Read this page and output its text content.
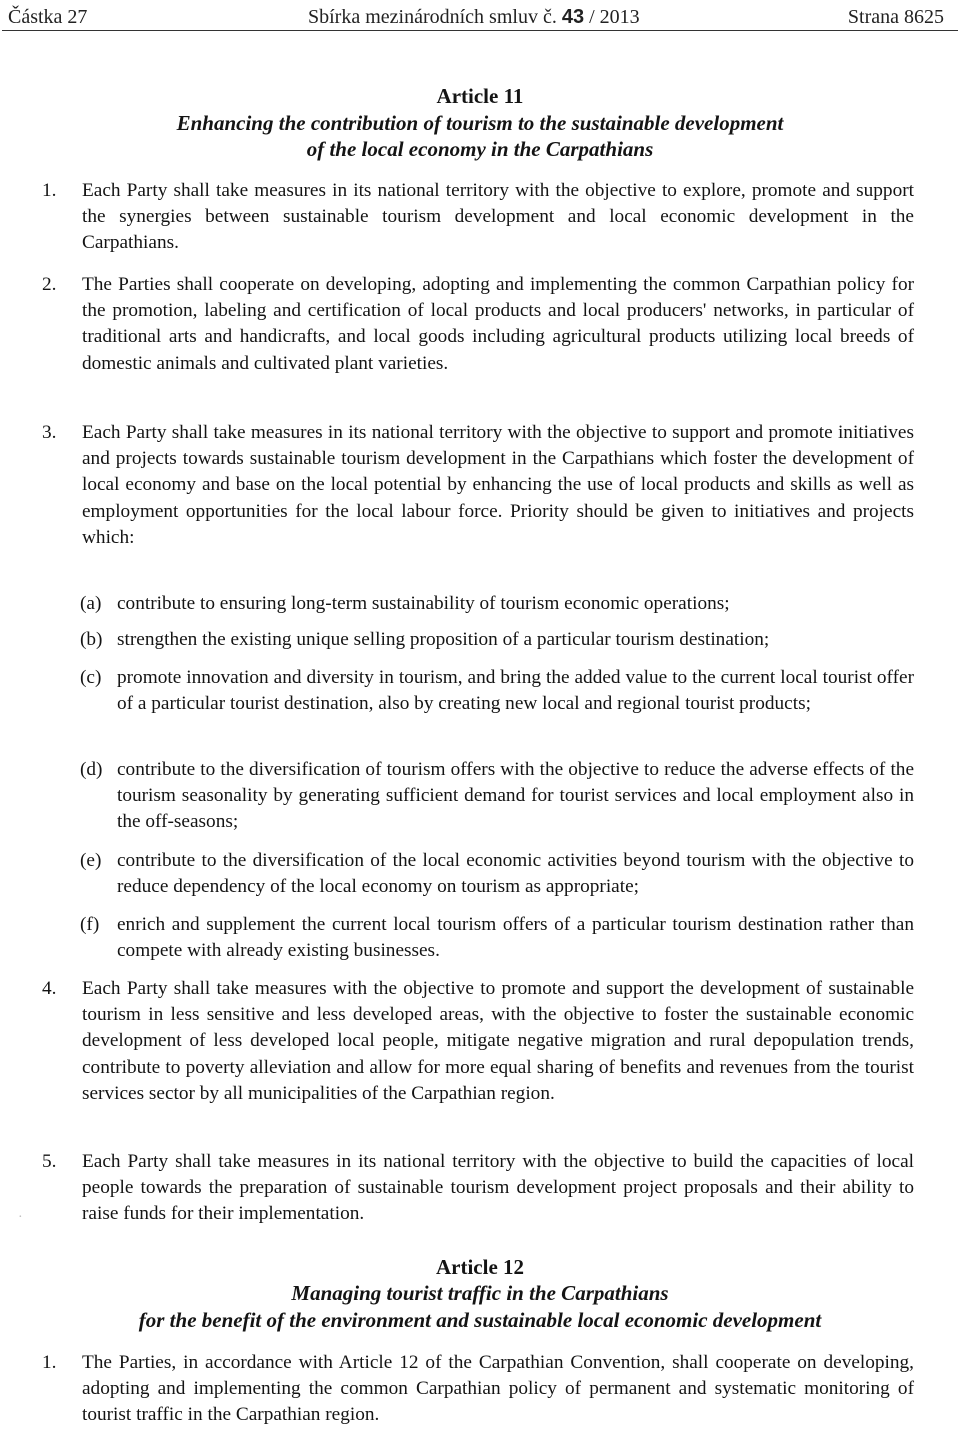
Částka 27	Sbírka mezinárodních smluv č. 43 / 2013	Strana 8625
Article 11
Enhancing the contribution of tourism to the sustainable development
of the local economy in the Carpathians
1. Each Party shall take measures in its national territory with the objective to explore, promote and support the synergies between sustainable tourism development and local economic development in the Carpathians.
2. The Parties shall cooperate on developing, adopting and implementing the common Carpathian policy for the promotion, labeling and certification of local products and local producers' networks, in particular of traditional arts and handicrafts, and local goods including agricultural products utilizing local breeds of domestic animals and cultivated plant varieties.
3. Each Party shall take measures in its national territory with the objective to support and promote initiatives and projects towards sustainable tourism development in the Carpathians which foster the development of local economy and base on the local potential by enhancing the use of local products and skills as well as employment opportunities for the local labour force. Priority should be given to initiatives and projects which:
(a) contribute to ensuring long-term sustainability of tourism economic operations;
(b) strengthen the existing unique selling proposition of a particular tourism destination;
(c) promote innovation and diversity in tourism, and bring the added value to the current local tourist offer of a particular tourist destination, also by creating new local and regional tourist products;
(d) contribute to the diversification of tourism offers with the objective to reduce the adverse effects of the tourism seasonality by generating sufficient demand for tourist services and local employment also in the off-seasons;
(e) contribute to the diversification of the local economic activities beyond tourism with the objective to reduce dependency of the local economy on tourism as appropriate;
(f) enrich and supplement the current local tourism offers of a particular tourism destination rather than compete with already existing businesses.
4. Each Party shall take measures with the objective to promote and support the development of sustainable tourism in less sensitive and less developed areas, with the objective to foster the sustainable economic development of less developed local people, mitigate negative migration and rural depopulation trends, contribute to poverty alleviation and allow for more equal sharing of benefits and revenues from the tourist services sector by all municipalities of the Carpathian region.
5. Each Party shall take measures in its national territory with the objective to build the capacities of local people towards the preparation of sustainable tourism development project proposals and their ability to raise funds for their implementation.
·
Article 12
Managing tourist traffic in the Carpathians
for the benefit of the environment and sustainable local economic development
1. The Parties, in accordance with Article 12 of the Carpathian Convention, shall cooperate on developing, adopting and implementing the common Carpathian policy of permanent and systematic monitoring of tourist traffic in the Carpathian region.
